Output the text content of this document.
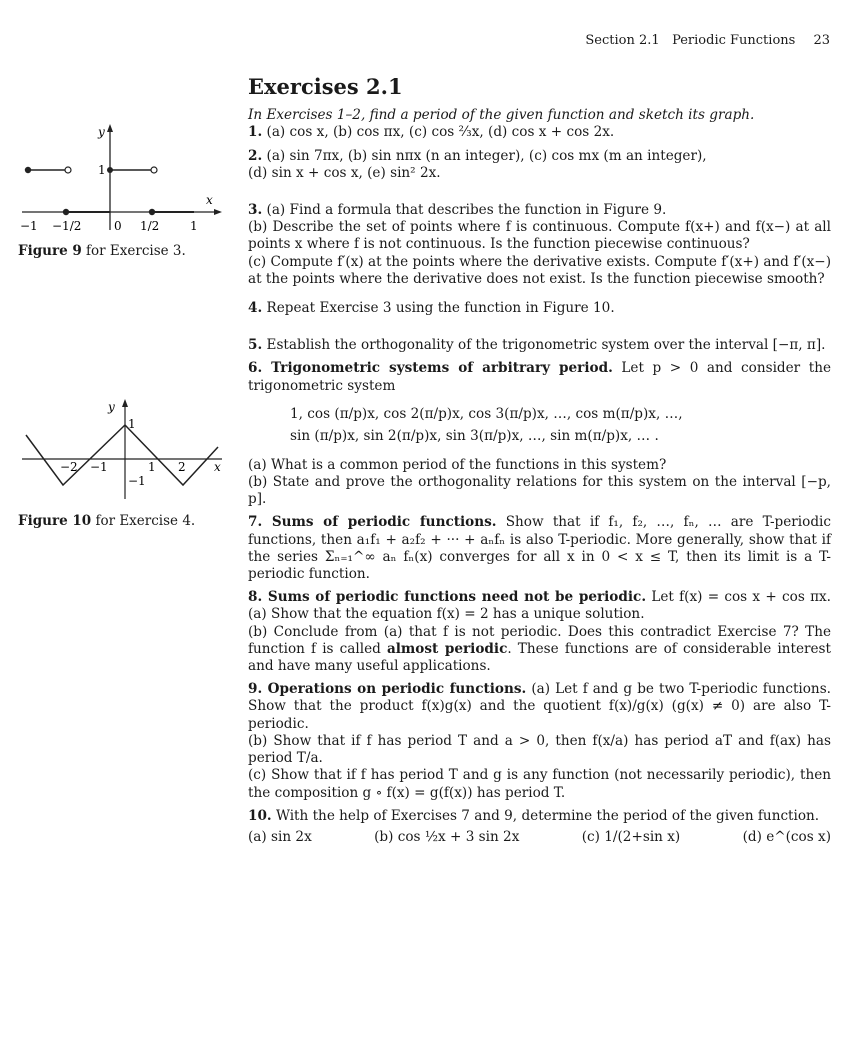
Section 2.1 Periodic Functions 23
y
x
1
−1 −1/2	0 1/2	1
Figure 9 for Exercise 3.
y
x
1
−1
−2 −1	1 2
Figure 10 for Exercise 4.
Exercises 2.1

In Exercises 1–2, find a period of the given function and sketch its graph.

1. (a) cos x, (b) cos πx, (c) cos ⅔x, (d) cos x + cos 2x.

2. (a) sin 7πx, (b) sin nπx (n an integer), (c) cos mx (m an integer),
(d) sin x + cos x, (e) sin² 2x.

3. (a) Find a formula that describes the function in Figure 9.
(b) Describe the set of points where f is continuous. Compute f(x+) and f(x−) at all points x where f is not continuous. Is the function piecewise continuous?
(c) Compute f′(x) at the points where the derivative exists. Compute f′(x+) and f′(x−) at the points where the derivative does not exist. Is the function piecewise smooth?

4. Repeat Exercise 3 using the function in Figure 10.

5. Establish the orthogonality of the trigonometric system over the interval [−π, π].

6. Trigonometric systems of arbitrary period. Let p > 0 and consider the trigonometric system

1, cos (π/p)x, cos 2(π/p)x, cos 3(π/p)x, …, cos m(π/p)x, …,
sin (π/p)x, sin 2(π/p)x, sin 3(π/p)x, …, sin m(π/p)x, … .

(a) What is a common period of the functions in this system?
(b) State and prove the orthogonality relations for this system on the interval [−p, p].

7. Sums of periodic functions. Show that if f₁, f₂, …, fₙ, … are T-periodic functions, then a₁f₁ + a₂f₂ + ··· + aₙfₙ is also T-periodic. More generally, show that if the series Σₙ₌₁^∞ aₙ fₙ(x) converges for all x in 0 < x ≤ T, then its limit is a T-periodic function.

8. Sums of periodic functions need not be periodic. Let f(x) = cos x + cos πx. (a) Show that the equation f(x) = 2 has a unique solution.
(b) Conclude from (a) that f is not periodic. Does this contradict Exercise 7? The function f is called almost periodic. These functions are of considerable interest and have many useful applications.

9. Operations on periodic functions. (a) Let f and g be two T-periodic functions. Show that the product f(x)g(x) and the quotient f(x)/g(x) (g(x) ≠ 0) are also T-periodic.
(b) Show that if f has period T and a > 0, then f(x/a) has period aT and f(ax) has period T/a.
(c) Show that if f has period T and g is any function (not necessarily periodic), then the composition g ∘ f(x) = g(f(x)) has period T.

10. With the help of Exercises 7 and 9, determine the period of the given function.

(a) sin 2x	(b) cos ½x + 3 sin 2x	(c) 1/(2+sin x)	(d) e^(cos x)
